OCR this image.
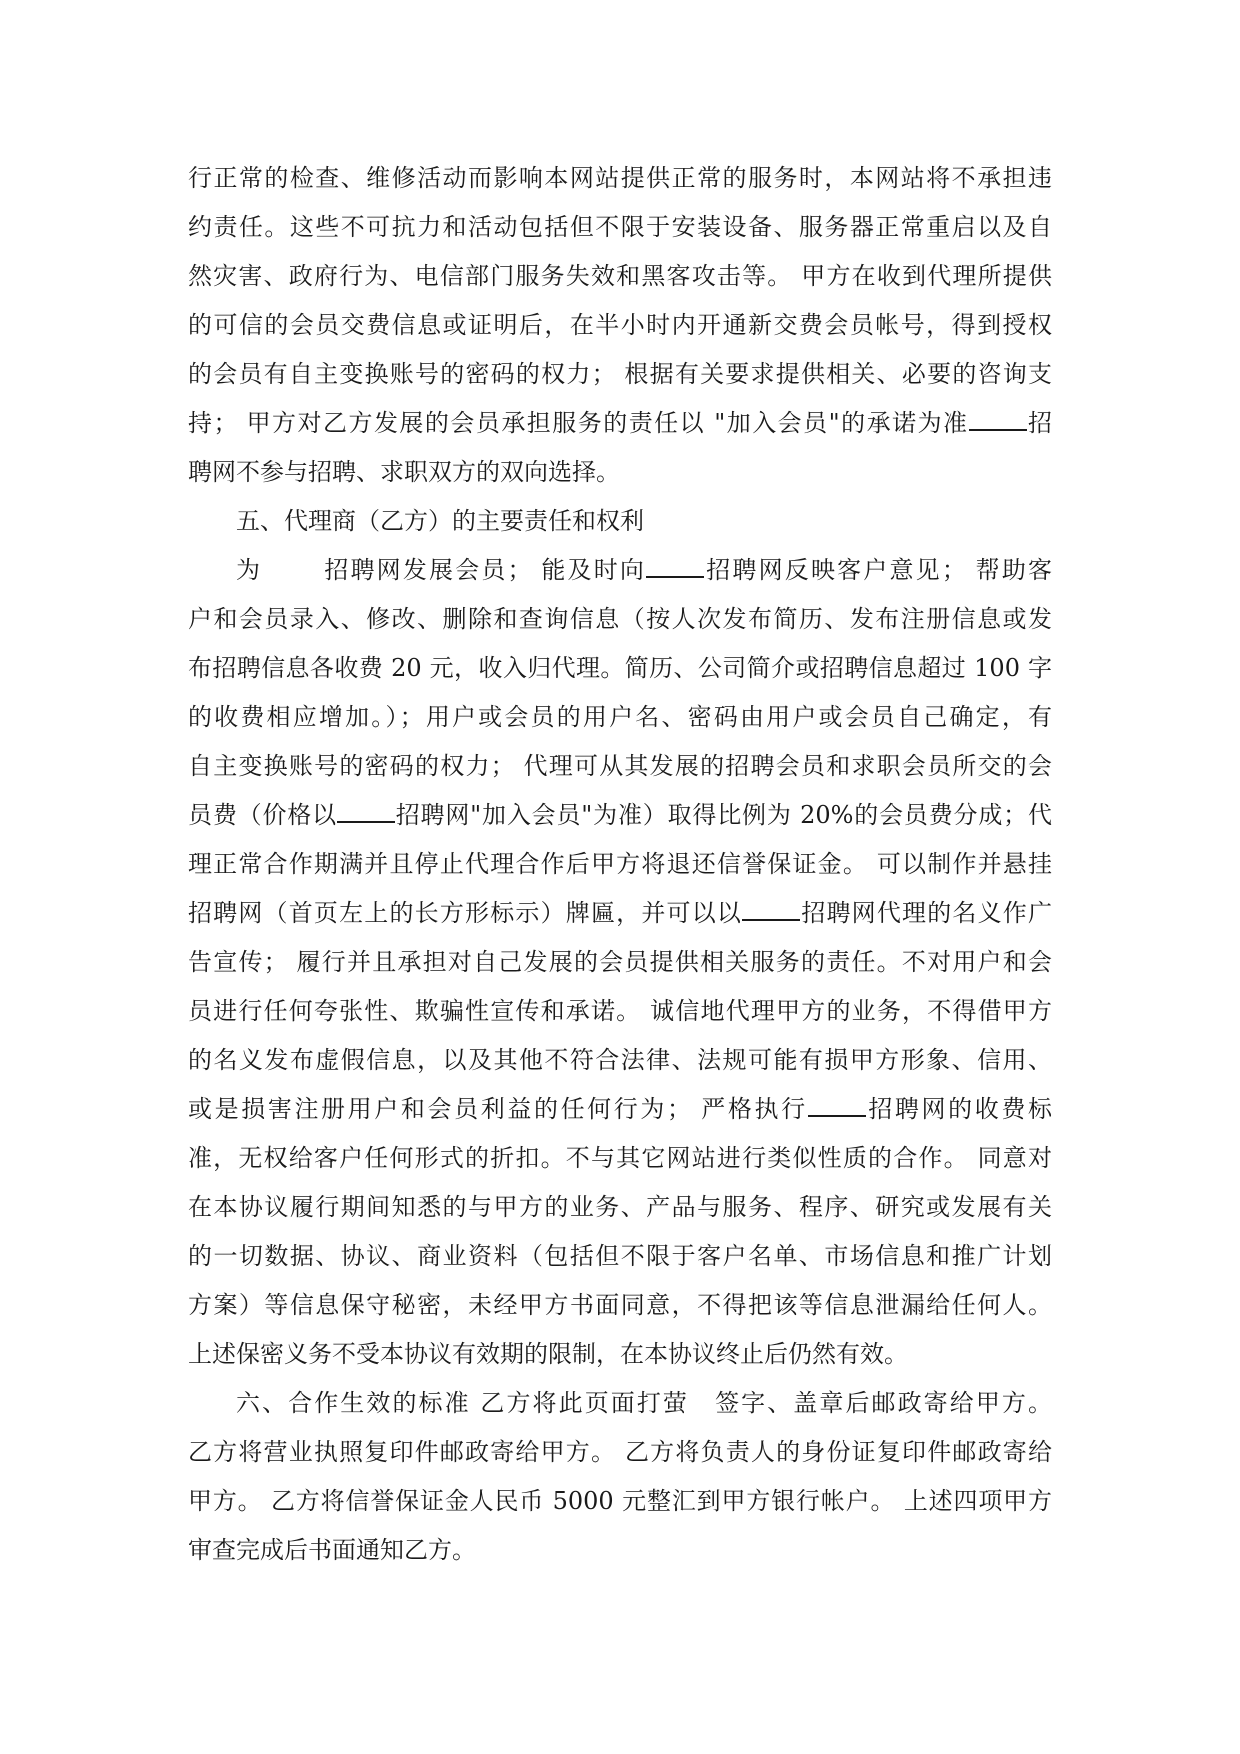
行正常的检查、维修活动而影响本网站提供正常的服务时，本网站将不承担违
约责任。这些不可抗力和活动包括但不限于安装设备、服务器正常重启以及自
然灾害、政府行为、电信部门服务失效和黑客攻击等。 甲方在收到代理所提供
的可信的会员交费信息或证明后，在半小时内开通新交费会员帐号，得到授权
的会员有自主变换账号的密码的权力； 根据有关要求提供相关、必要的咨询支
持； 甲方对乙方发展的会员承担服务的责任以 "加入会员"的承诺为准 招
聘网不参与招聘、求职双方的双向选择。
五、代理商（乙方）的主要责任和权利
为　　 招聘网发展会员； 能及时向 招聘网反映客户意见； 帮助客
户和会员录入、修改、删除和查询信息（按人次发布简历、发布注册信息或发
布招聘信息各收费 20 元，收入归代理。简历、公司简介或招聘信息超过 100 字
的收费相应增加。）；用户或会员的用户名、密码由用户或会员自己确定，有
自主变换账号的密码的权力； 代理可从其发展的招聘会员和求职会员所交的会
员费（价格以 招聘网"加入会员"为准）取得比例为 20%的会员费分成；代
理正常合作期满并且停止代理合作后甲方将退还信誉保证金。 可以制作并悬挂
招聘网（首页左上的长方形标示）牌匾，并可以以 招聘网代理的名义作广
告宣传； 履行并且承担对自己发展的会员提供相关服务的责任。不对用户和会
员进行任何夸张性、欺骗性宣传和承诺。 诚信地代理甲方的业务，不得借甲方
的名义发布虚假信息，以及其他不符合法律、法规可能有损甲方形象、信用、
或是损害注册用户和会员利益的任何行为； 严格执行 招聘网的收费标
准，无权给客户任何形式的折扣。不与其它网站进行类似性质的合作。 同意对
在本协议履行期间知悉的与甲方的业务、产品与服务、程序、研究或发展有关
的一切数据、协议、商业资料（包括但不限于客户名单、市场信息和推广计划
方案）等信息保守秘密，未经甲方书面同意，不得把该等信息泄漏给任何人。
上述保密义务不受本协议有效期的限制，在本协议终止后仍然有效。
六、合作生效的标准 乙方将此页面打萤　签字、盖章后邮政寄给甲方。
乙方将营业执照复印件邮政寄给甲方。 乙方将负责人的身份证复印件邮政寄给
甲方。 乙方将信誉保证金人民币 5000 元整汇到甲方银行帐户。 上述四项甲方
审查完成后书面通知乙方。
